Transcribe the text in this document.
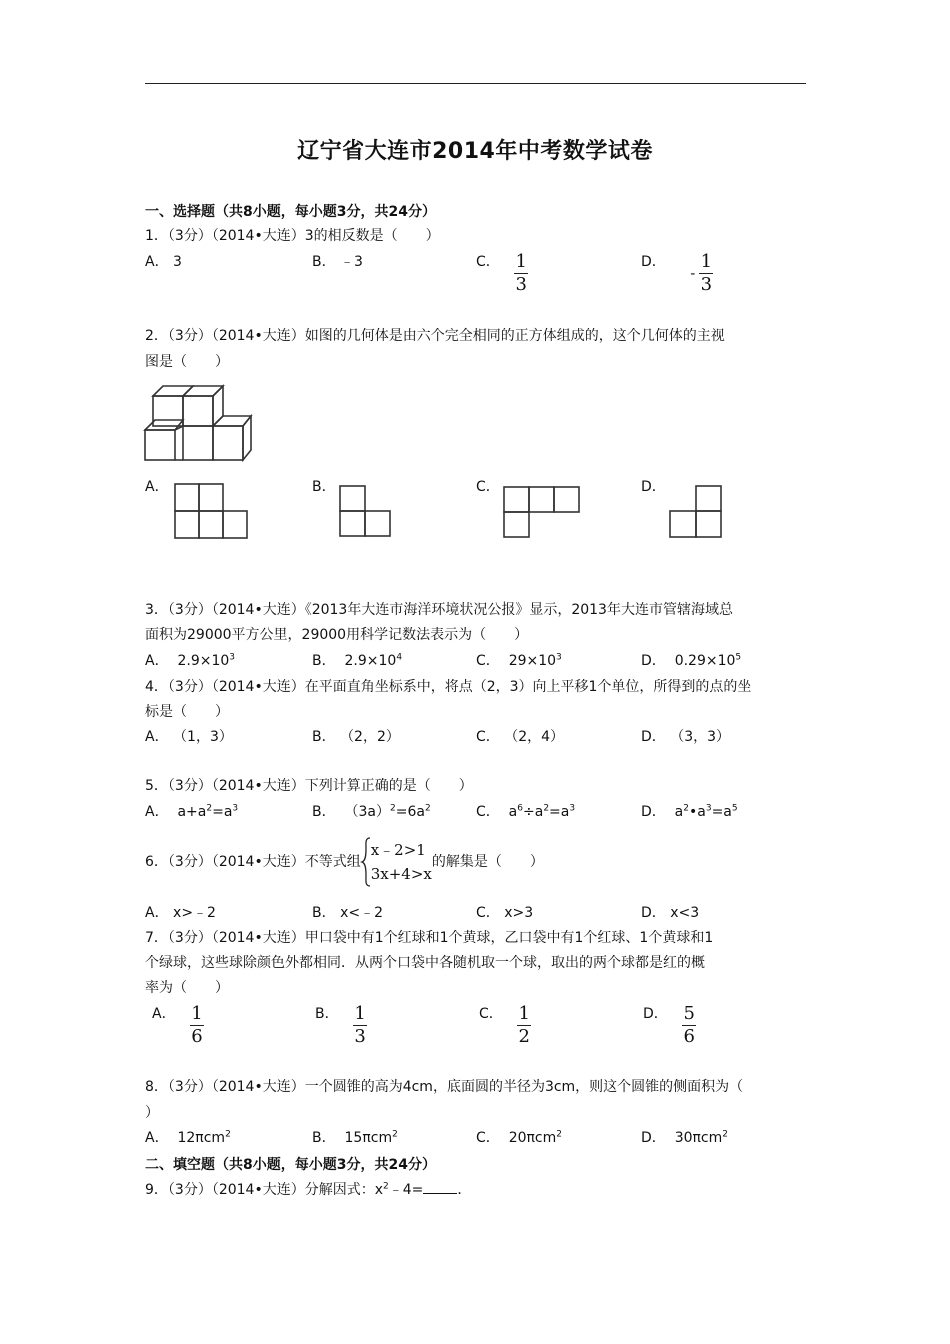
辽宁省大连市2014年中考数学试卷
一、选择题（共8小题，每小题3分，共24分）
1．（3分）（2014•大连）3的相反数是（　　）
A． 3	B． ﹣3	C． $\frac{1}{3}$	D． - $\frac{1}{3}$
2．（3分）（2014•大连）如图的几何体是由六个完全相同的正方体组成的，这个几何体的主视
图是（　　）
A．	B．	C．	D．
3．（3分）（2014•大连）《2013年大连市海洋环境状况公报》显示，2013年大连市管辖海域总
面积为29000平方公里，29000用科学记数法表示为（　　）
A． $2.9\times 10^3$	B． $2.9\times 10^4$	C． $29\times 10^3$	D． $0.29\times 10^5$
4．（3分）（2014•大连）在平面直角坐标系中，将点（2，3）向上平移1个单位，所得到的点的坐
标是（　　）
A． （1，3）	B． （2，2）	C． （2，4）	D． （3，3）
5．（3分）（2014•大连）下列计算正确的是（　　）
A．  $a+a^2=a^3$	B．  $(3a)^2=6a^2$	C．  $a^6\div a^2=a^3$	D．  $a^2•a^3=a^5$
6．（3分）（2014•大连）不等式组
x﹣2>1
3x+4>x
的解集是（　　）
A． x>﹣2	B． x<﹣2	C． x>3	D． x<3
7．（3分）（2014•大连）甲口袋中有1个红球和1个黄球，乙口袋中有1个红球、1个黄球和1
个绿球，这些球除颜色外都相同．从两个口袋中各随机取一个球，取出的两个球都是红的概
率为（　　）
A． $\frac{1}{6}$	B． $\frac{1}{3}$	C． $\frac{1}{2}$	D． $\frac{5}{6}$
8．（3分）（2014•大连）一个圆锥的高为4cm，底面圆的半径为3cm，则这个圆锥的侧面积为（
）
A． 12πcm$^2$	B． 15πcm$^2$	C． 20πcm$^2$	D． 30πcm$^2$
二、填空题（共8小题，每小题3分，共24分）
9．（3分）（2014•大连）分解因式：$x^2﹣4=$ ．
